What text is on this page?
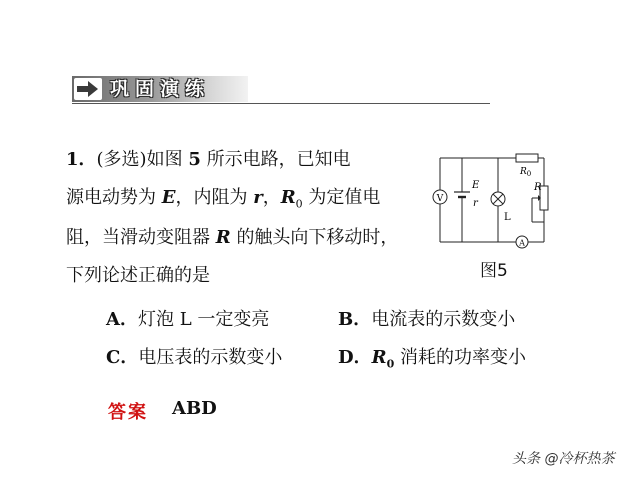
巩固演练
1．(多选)如图 5 所示电路，已知电
源电动势为 E，内阻为 r，$R_0$ 为定值电
阻，当滑动变阻器 R 的触头向下移动时，
下列论述正确的是
V
E
r
L
$R_0$
R
A
图5
A．灯泡 L 一定变亮	B．电流表的示数变小
C．电压表的示数变小	D．$R_0$ 消耗的功率变小
答案 ABD
头条 @冷杯热茶
